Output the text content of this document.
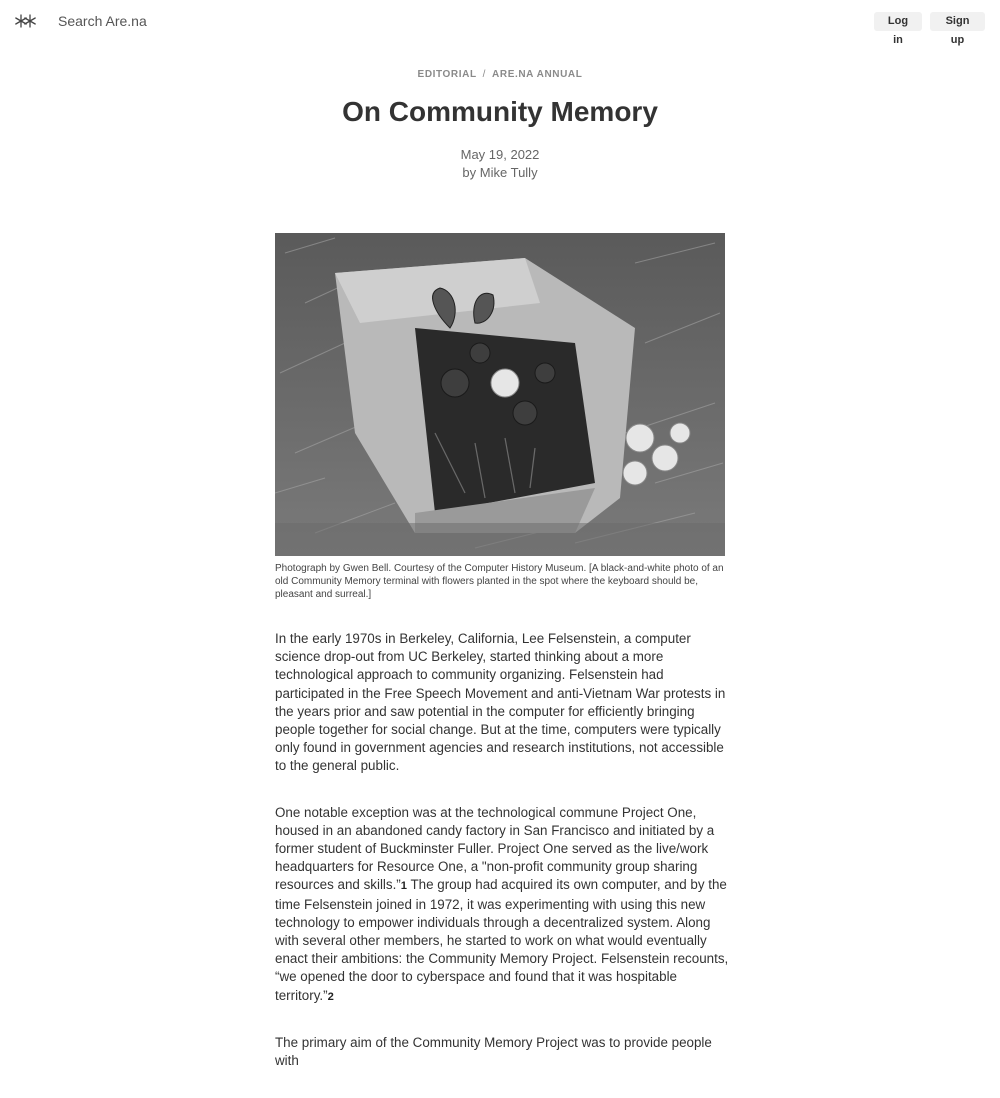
Search Are.na
Log in
Sign up
EDITORIAL / ARE.NA ANNUAL
On Community Memory
May 19, 2022
by Mike Tully
Photograph by Gwen Bell. Courtesy of the Computer History Museum. [A black-and-white photo of an old Community Memory terminal with flowers planted in the spot where the keyboard should be, pleasant and surreal.]

In the early 1970s in Berkeley, California, Lee Felsenstein, a computer science drop-out from UC Berkeley, started thinking about a more technological approach to community organizing. Felsenstein had participated in the Free Speech Movement and anti-Vietnam War protests in the years prior and saw potential in the computer for efficiently bringing people together for social change. But at the time, computers were typically only found in government agencies and research institutions, not accessible to the general public.

One notable exception was at the technological commune Project One, housed in an abandoned candy factory in San Francisco and initiated by a former student of Buckminster Fuller. Project One served as the live/work headquarters for Resource One, a "non-profit community group sharing resources and skills.”1 The group had acquired its own computer, and by the time Felsenstein joined in 1972, it was experimenting with using this new technology to empower individuals through a decentralized system. Along with several other members, he started to work on what would eventually enact their ambitions: the Community Memory Project. Felsenstein recounts, “we opened the door to cyberspace and found that it was hospitable territory.”2

The primary aim of the Community Memory Project was to provide people with
